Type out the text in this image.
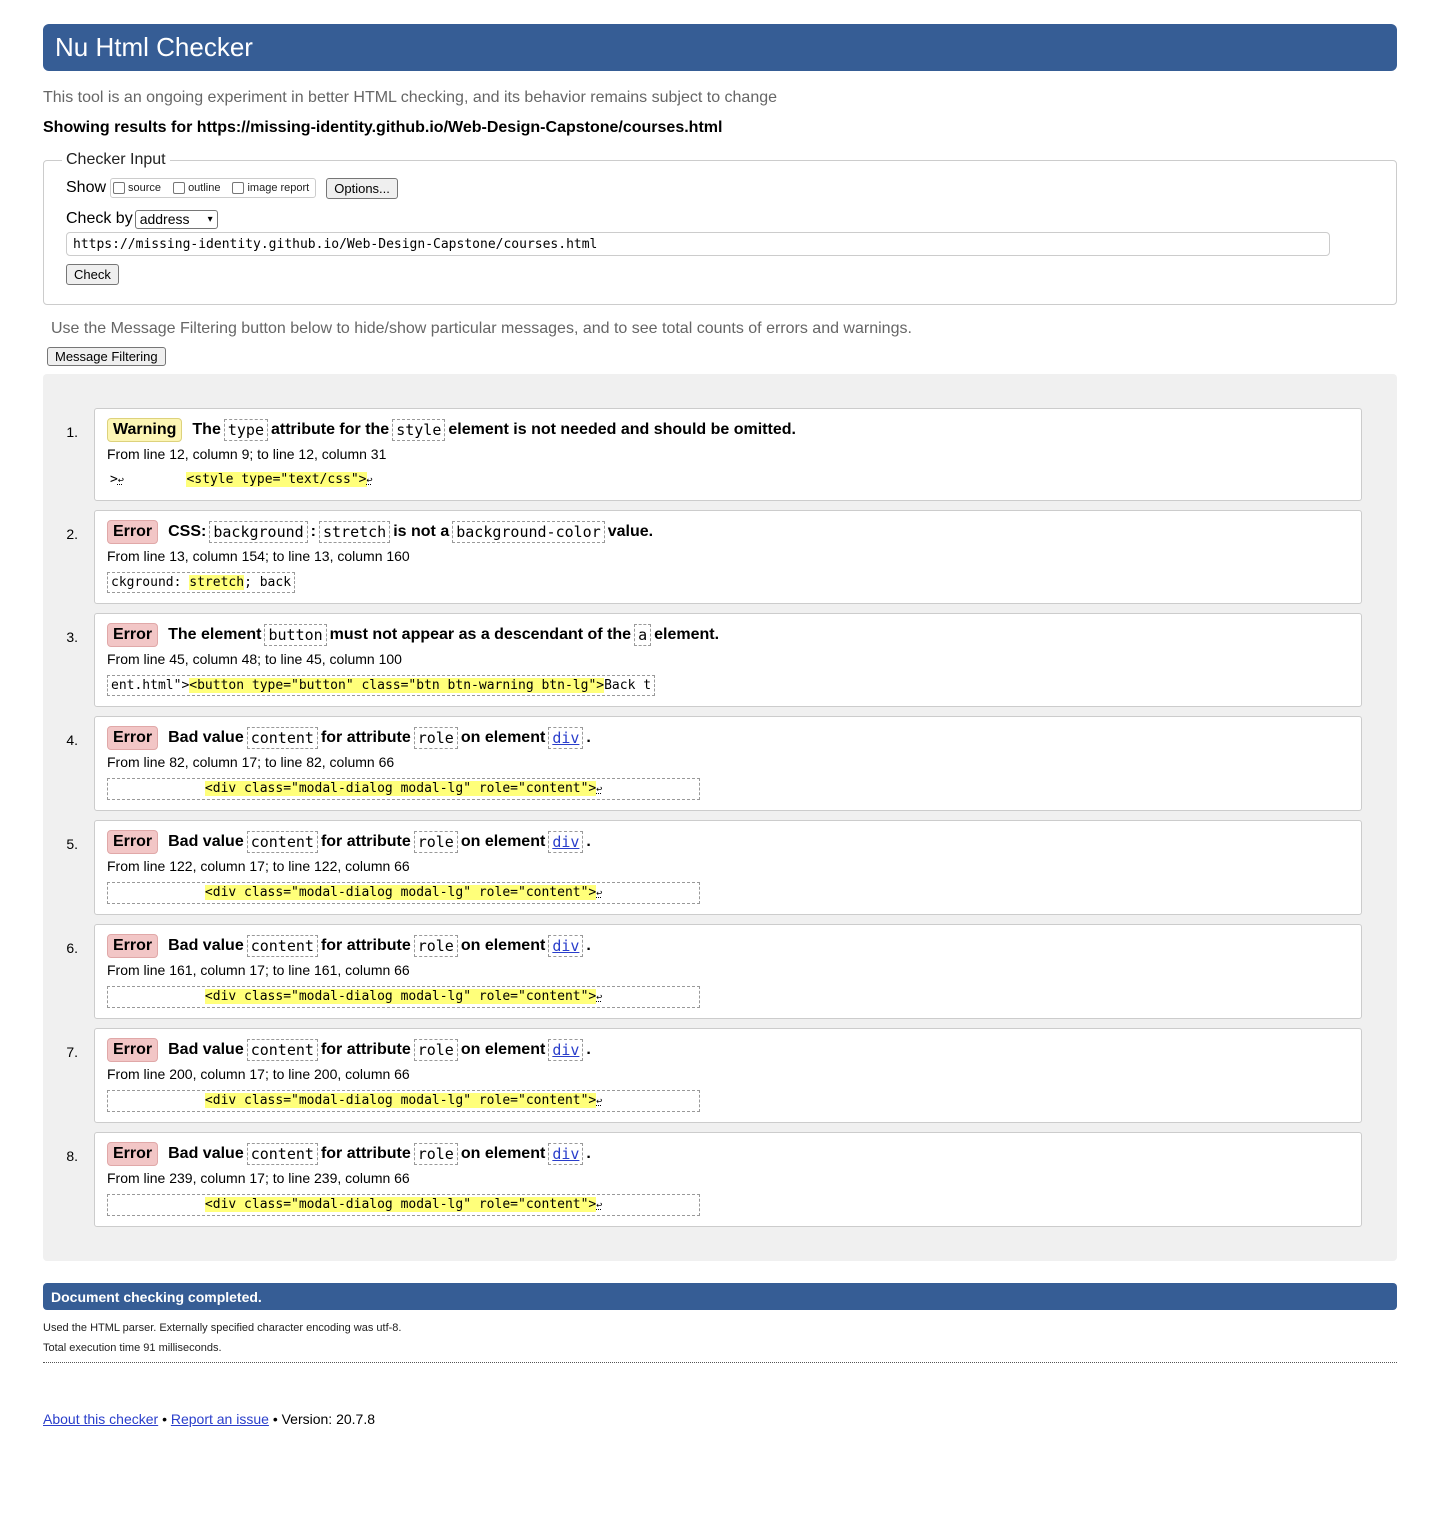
Nu Html Checker
This tool is an ongoing experiment in better HTML checking, and its behavior remains subject to change
Showing results for https://missing-identity.github.io/Web-Design-Capstone/courses.html
Checker Input
Show source outline image report	Options...
Check by address ▾
https://missing-identity.github.io/Web-Design-Capstone/courses.html
Check
Use the Message Filtering button below to hide/show particular messages, and to see total counts of errors and warnings.
Message Filtering
1.	Warning	The type attribute for the style element is not needed and should be omitted.
From line 12, column 9; to line 12, column 31
>↩	<style type="text/css">↩
2.	Error	CSS: background : stretch is not a background-color value.
From line 13, column 154; to line 13, column 160
ckground: stretch; back
3.	Error	The element button must not appear as a descendant of the a element.
From line 45, column 48; to line 45, column 100
ent.html"><button type="button" class="btn btn-warning btn-lg">Back t
4.	Error	Bad value content for attribute role on element div .
From line 82, column 17; to line 82, column 66
<div class="modal-dialog modal-lg" role="content">↩
5.	Error	Bad value content for attribute role on element div .
From line 122, column 17; to line 122, column 66
<div class="modal-dialog modal-lg" role="content">↩
6.	Error	Bad value content for attribute role on element div .
From line 161, column 17; to line 161, column 66
<div class="modal-dialog modal-lg" role="content">↩
7.	Error	Bad value content for attribute role on element div .
From line 200, column 17; to line 200, column 66
<div class="modal-dialog modal-lg" role="content">↩
8.	Error	Bad value content for attribute role on element div .
From line 239, column 17; to line 239, column 66
<div class="modal-dialog modal-lg" role="content">↩
Document checking completed.
Used the HTML parser. Externally specified character encoding was utf-8.
Total execution time 91 milliseconds.
About this checker • Report an issue • Version: 20.7.8
